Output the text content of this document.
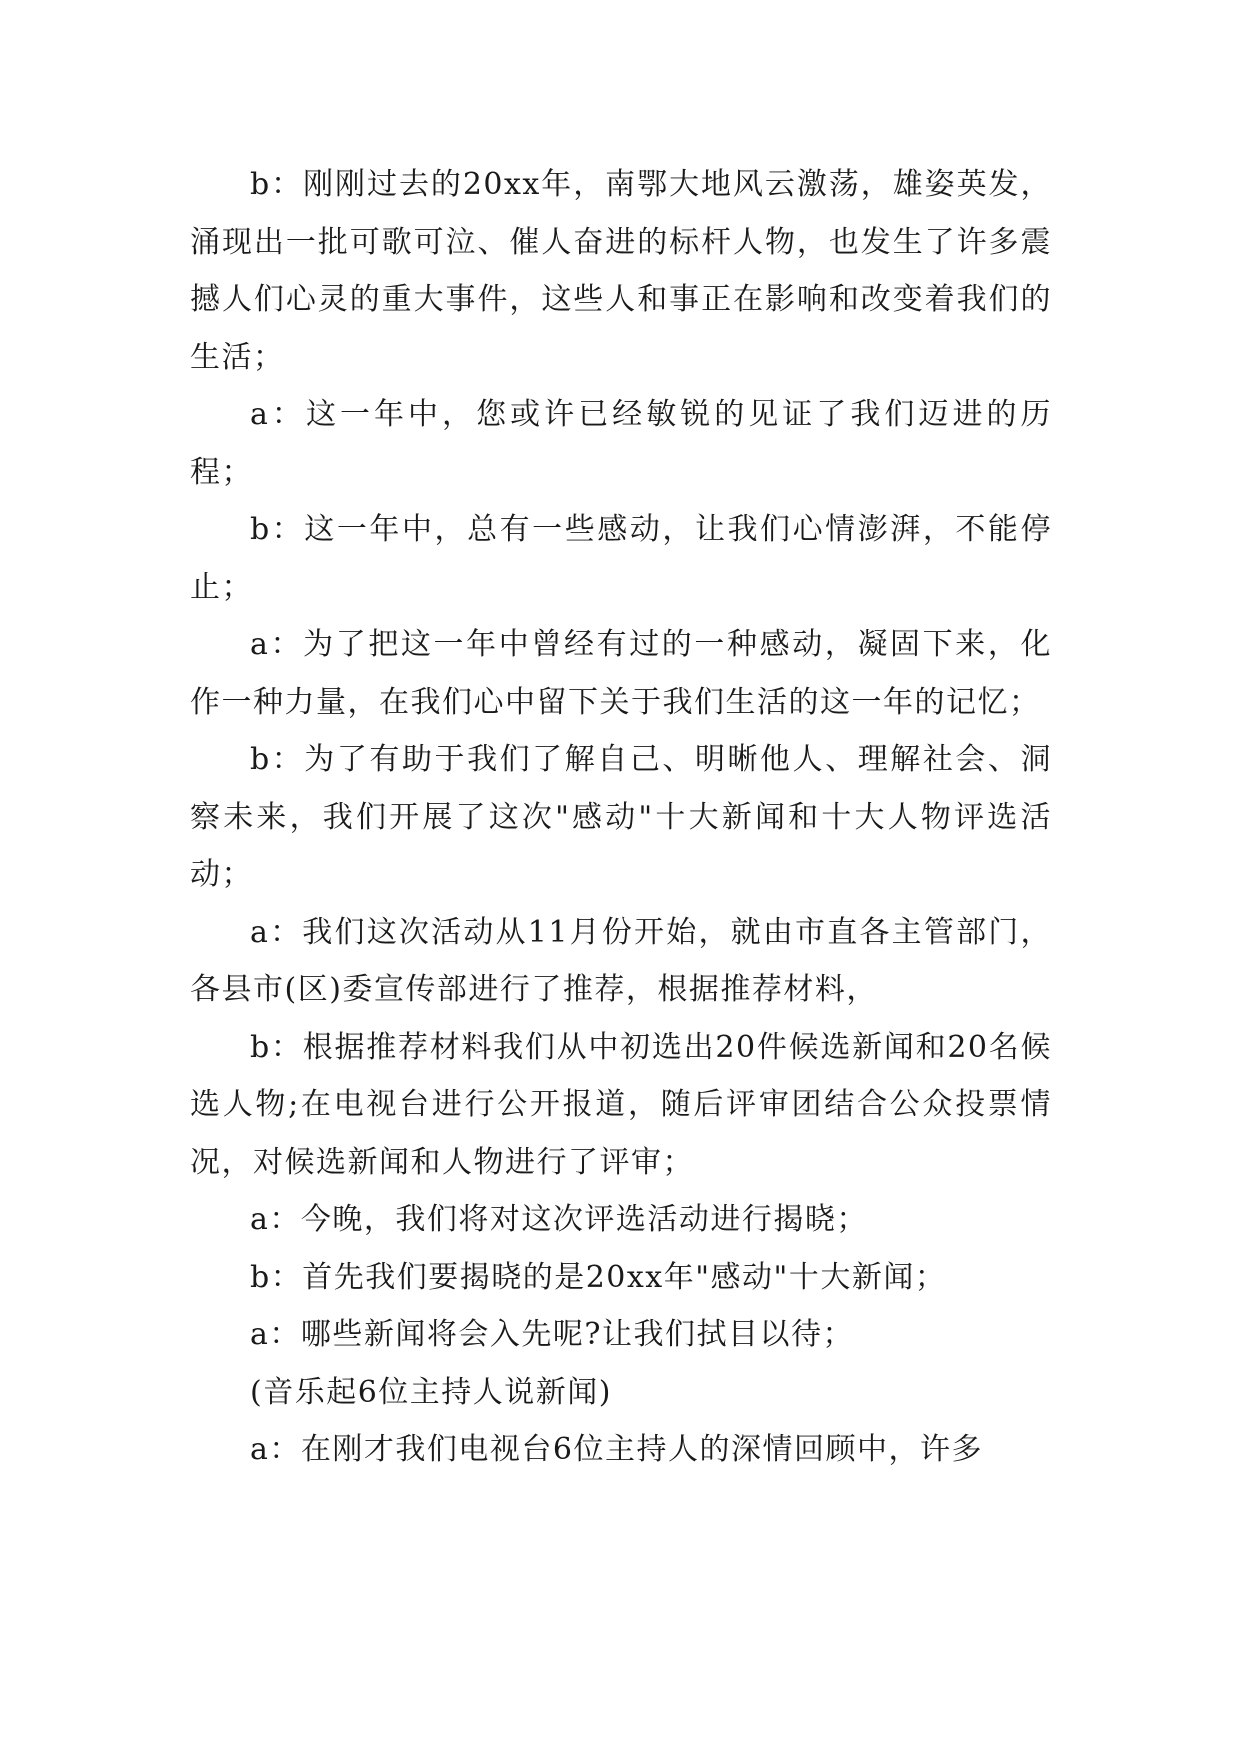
b：刚刚过去的20xx年，南鄂大地风云激荡，雄姿英发，涌现出一批可歌可泣、催人奋进的标杆人物，也发生了许多震撼人们心灵的重大事件，这些人和事正在影响和改变着我们的生活；

a：这一年中，您或许已经敏锐的见证了我们迈进的历程；

b：这一年中，总有一些感动，让我们心情澎湃，不能停止；

a：为了把这一年中曾经有过的一种感动，凝固下来，化作一种力量，在我们心中留下关于我们生活的这一年的记忆；

b：为了有助于我们了解自己、明晰他人、理解社会、洞察未来，我们开展了这次"感动"十大新闻和十大人物评选活动；

a：我们这次活动从11月份开始，就由市直各主管部门，各县市(区)委宣传部进行了推荐，根据推荐材料，

b：根据推荐材料我们从中初选出20件候选新闻和20名候选人物;在电视台进行公开报道，随后评审团结合公众投票情况，对候选新闻和人物进行了评审；

a：今晚，我们将对这次评选活动进行揭晓；

b：首先我们要揭晓的是20xx年"感动"十大新闻；

a：哪些新闻将会入先呢?让我们拭目以待；

(音乐起6位主持人说新闻)

a：在刚才我们电视台6位主持人的深情回顾中，许多
